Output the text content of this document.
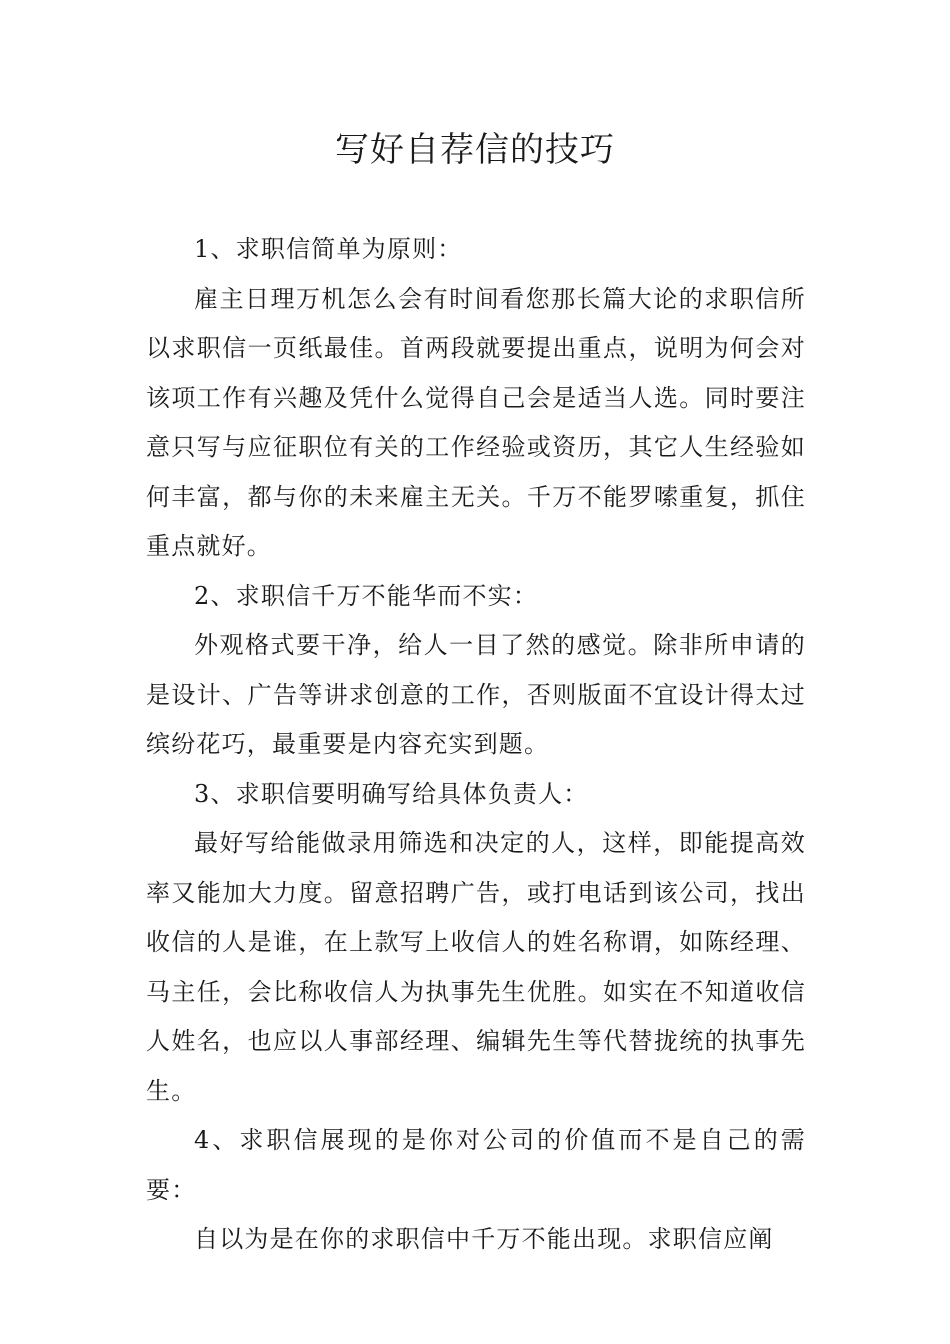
写好自荐信的技巧

1、求职信简单为原则：

雇主日理万机怎么会有时间看您那长篇大论的求职信所以求职信一页纸最佳。首两段就要提出重点，说明为何会对该项工作有兴趣及凭什么觉得自己会是适当人选。同时要注意只写与应征职位有关的工作经验或资历，其它人生经验如何丰富，都与你的未来雇主无关。千万不能罗嗦重复，抓住重点就好。

2、求职信千万不能华而不实：

外观格式要干净，给人一目了然的感觉。除非所申请的是设计、广告等讲求创意的工作，否则版面不宜设计得太过缤纷花巧，最重要是内容充实到题。

3、求职信要明确写给具体负责人：

最好写给能做录用筛选和决定的人，这样，即能提高效率又能加大力度。留意招聘广告，或打电话到该公司，找出收信的人是谁，在上款写上收信人的姓名称谓，如陈经理、马主任，会比称收信人为执事先生优胜。如实在不知道收信人姓名，也应以人事部经理、编辑先生等代替拢统的执事先生。

4、求职信展现的是你对公司的价值而不是自己的需要：

自以为是在你的求职信中千万不能出现。求职信应阐
